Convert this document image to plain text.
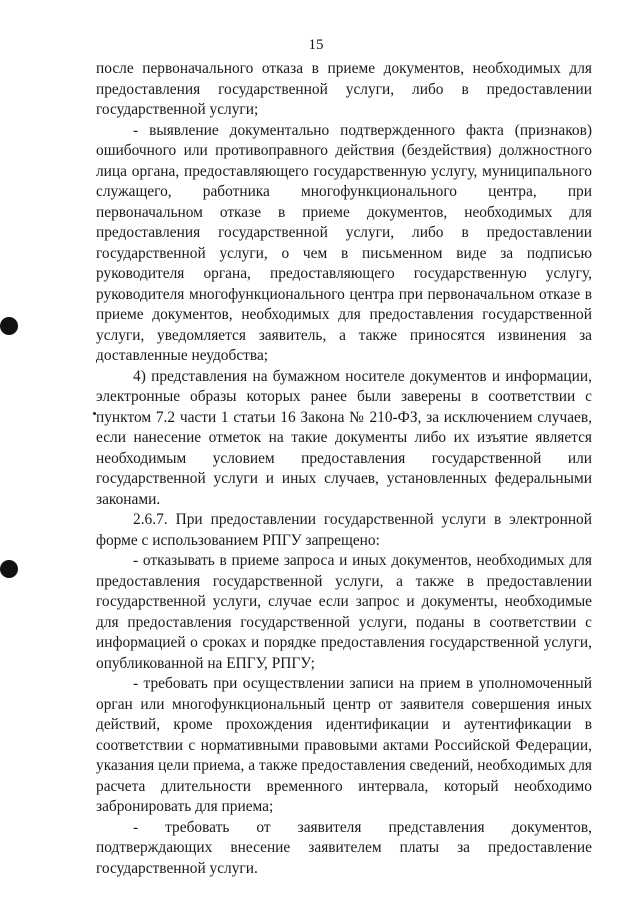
15

после первоначального отказа в приеме документов, необходимых для предоставления государственной услуги, либо в предоставлении государственной услуги;

- выявление документально подтвержденного факта (признаков) ошибочного или противоправного действия (бездействия) должностного лица органа, предоставляющего государственную услугу, муниципального служащего, работника многофункционального центра, при первоначальном отказе в приеме документов, необходимых для предоставления государственной услуги, либо в предоставлении государственной услуги, о чем в письменном виде за подписью руководителя органа, предоставляющего государственную услугу, руководителя многофункционального центра при первоначальном отказе в приеме документов, необходимых для предоставления государственной услуги, уведомляется заявитель, а также приносятся извинения за доставленные неудобства;

4) представления на бумажном носителе документов и информации, электронные образы которых ранее были заверены в соответствии с пунктом 7.2 части 1 статьи 16 Закона № 210-ФЗ, за исключением случаев, если нанесение отметок на такие документы либо их изъятие является необходимым условием предоставления государственной или государственной услуги и иных случаев, установленных федеральными законами.

2.6.7. При предоставлении государственной услуги в электронной форме с использованием РПГУ запрещено:

- отказывать в приеме запроса и иных документов, необходимых для предоставления государственной услуги, а также в предоставлении государственной услуги, случае если запрос и документы, необходимые для предоставления государственной услуги, поданы в соответствии с информацией о сроках и порядке предоставления государственной услуги, опубликованной на ЕПГУ, РПГУ;

- требовать при осуществлении записи на прием в уполномоченный орган или многофункциональный центр от заявителя совершения иных действий, кроме прохождения идентификации и аутентификации в соответствии с нормативными правовыми актами Российской Федерации, указания цели приема, а также предоставления сведений, необходимых для расчета длительности временного интервала, который необходимо забронировать для приема;

- требовать от заявителя представления документов, подтверждающих внесение заявителем платы за предоставление государственной услуги.
